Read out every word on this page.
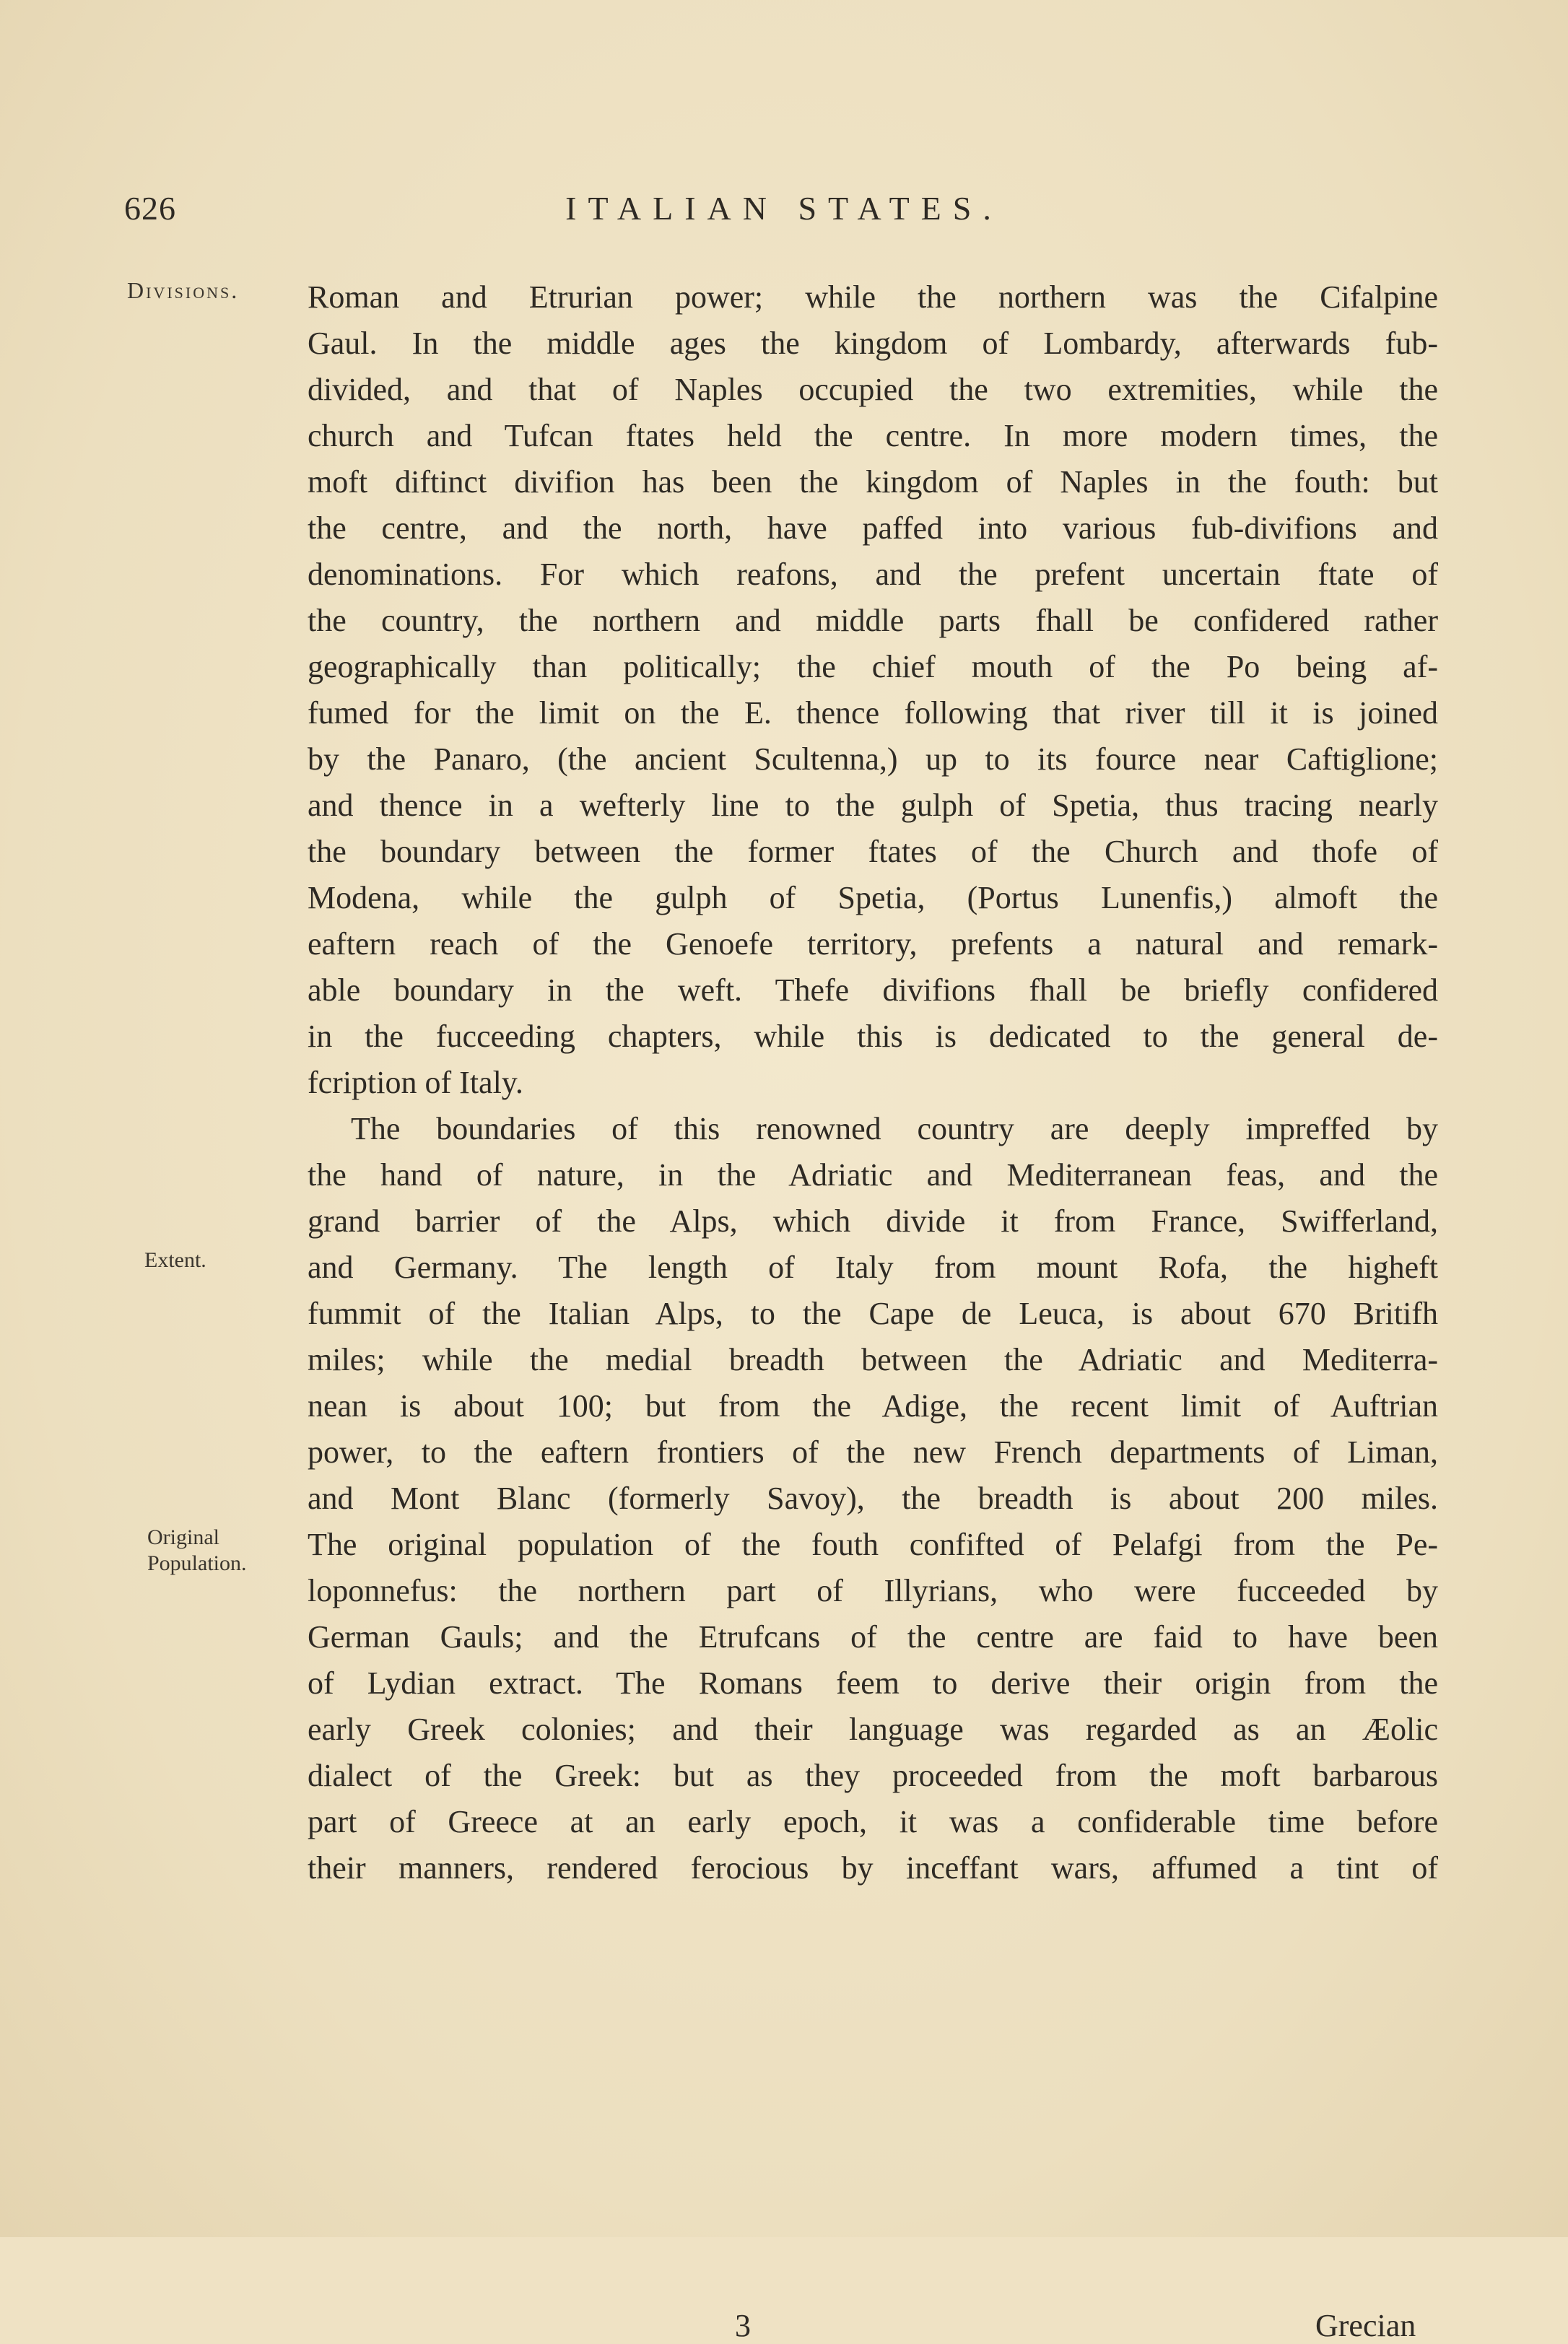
626	ITALIAN STATES.
Divisions.
Extent.
Original
Population.
Roman and Etrurian power; while the northern was the Cifalpine
Gaul. In the middle ages the kingdom of Lombardy, afterwards fub-
divided, and that of Naples occupied the two extremities, while the
church and Tufcan ftates held the centre. In more modern times, the
moft diftinct divifion has been the kingdom of Naples in the fouth: but
the centre, and the north, have paffed into various fub-divifions and
denominations. For which reafons, and the prefent uncertain ftate of
the country, the northern and middle parts fhall be confidered rather
geographically than politically; the chief mouth of the Po being af-
fumed for the limit on the E. thence following that river till it is joined
by the Panaro, (the ancient Scultenna,) up to its fource near Caftiglione;
and thence in a wefterly line to the gulph of Spetia, thus tracing nearly
the boundary between the former ftates of the Church and thofe of
Modena, while the gulph of Spetia, (Portus Lunenfis,) almoft the
eaftern reach of the Genoefe territory, prefents a natural and remark-
able boundary in the weft. Thefe divifions fhall be briefly confidered
in the fucceeding chapters, while this is dedicated to the general de-
fcription of Italy.
The boundaries of this renowned country are deeply impreffed by
the hand of nature, in the Adriatic and Mediterranean feas, and the
grand barrier of the Alps, which divide it from France, Swifferland,
and Germany. The length of Italy from mount Rofa, the higheft
fummit of the Italian Alps, to the Cape de Leuca, is about 670 Britifh
miles; while the medial breadth between the Adriatic and Mediterra-
nean is about 100; but from the Adige, the recent limit of Auftrian
power, to the eaftern frontiers of the new French departments of Liman,
and Mont Blanc (formerly Savoy), the breadth is about 200 miles.
The original population of the fouth confifted of Pelafgi from the Pe-
loponnefus: the northern part of Illyrians, who were fucceeded by
German Gauls; and the Etrufcans of the centre are faid to have been
of Lydian extract. The Romans feem to derive their origin from the
early Greek colonies; and their language was regarded as an Æolic
dialect of the Greek: but as they proceeded from the moft barbarous
part of Greece at an early epoch, it was a confiderable time before
their manners, rendered ferocious by inceffant wars, affumed a tint of
3	Grecian
